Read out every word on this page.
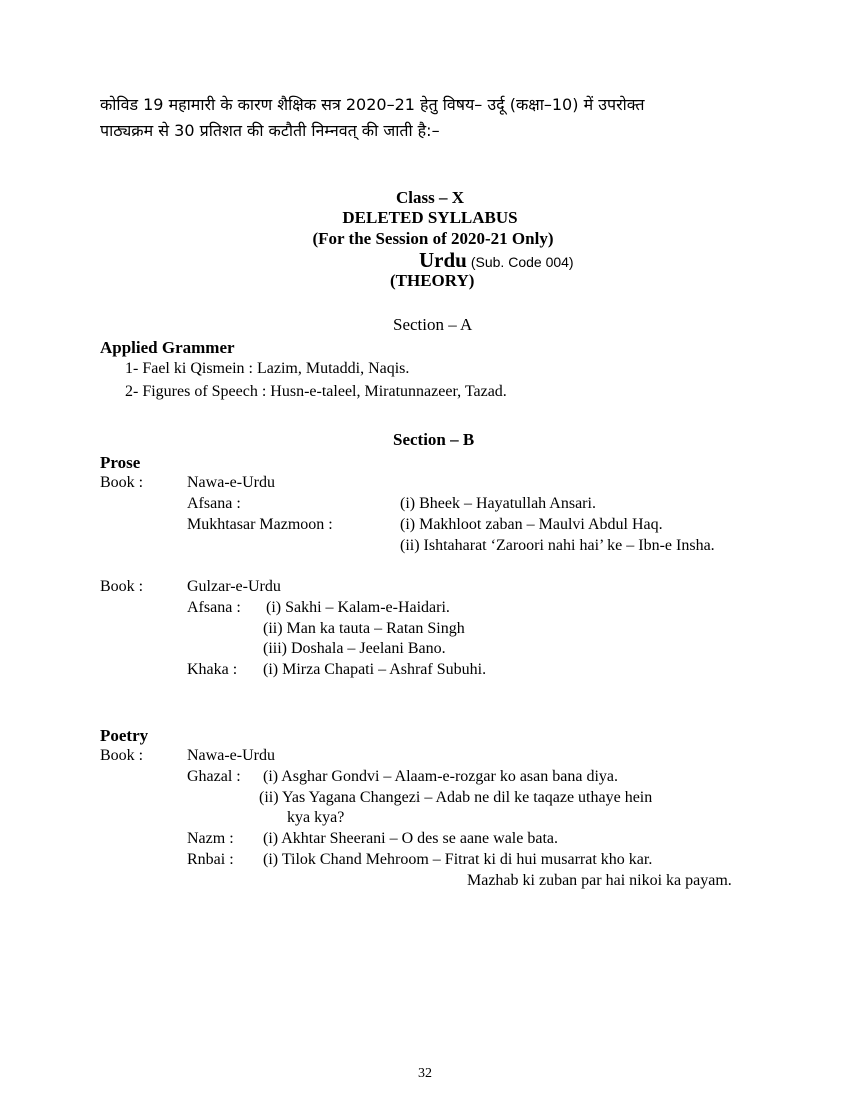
कोविड 19 महामारी के कारण शैक्षिक सत्र 2020–21 हेतु विषय– उर्दू (कक्षा–10) में उपरोक्त
पाठ्यक्रम से 30 प्रतिशत की कटौती निम्नवत् की जाती है:–
Class – X
DELETED SYLLABUS
(For the Session of 2020-21 Only)
Urdu (Sub. Code 004)
(THEORY)
Section – A
Applied Grammer
1- Fael ki Qismein : Lazim, Mutaddi, Naqis.
2- Figures of Speech : Husn-e-taleel, Miratunnazeer, Tazad.
Section – B
Prose
Book :	Nawa-e-Urdu
Afsana :	(i) Bheek – Hayatullah Ansari.
Mukhtasar Mazmoon :	(i) Makhloot zaban – Maulvi Abdul Haq.
(ii) Ishtaharat ‘Zaroori nahi hai’ ke – Ibn-e Insha.
Book :	Gulzar-e-Urdu
Afsana : (i) Sakhi – Kalam-e-Haidari.
(ii) Man ka tauta – Ratan Singh
(iii) Doshala – Jeelani Bano.
Khaka : (i) Mirza Chapati – Ashraf Subuhi.
Poetry
Book :	Nawa-e-Urdu
Ghazal : (i) Asghar Gondvi – Alaam-e-rozgar ko asan bana diya.
(ii) Yas Yagana Changezi – Adab ne dil ke taqaze uthaye hein
kya kya?
Nazm : (i) Akhtar Sheerani – O des se aane wale bata.
Rnbai : (i) Tilok Chand Mehroom – Fitrat ki di hui musarrat kho kar.
Mazhab ki zuban par hai nikoi ka payam.
32
